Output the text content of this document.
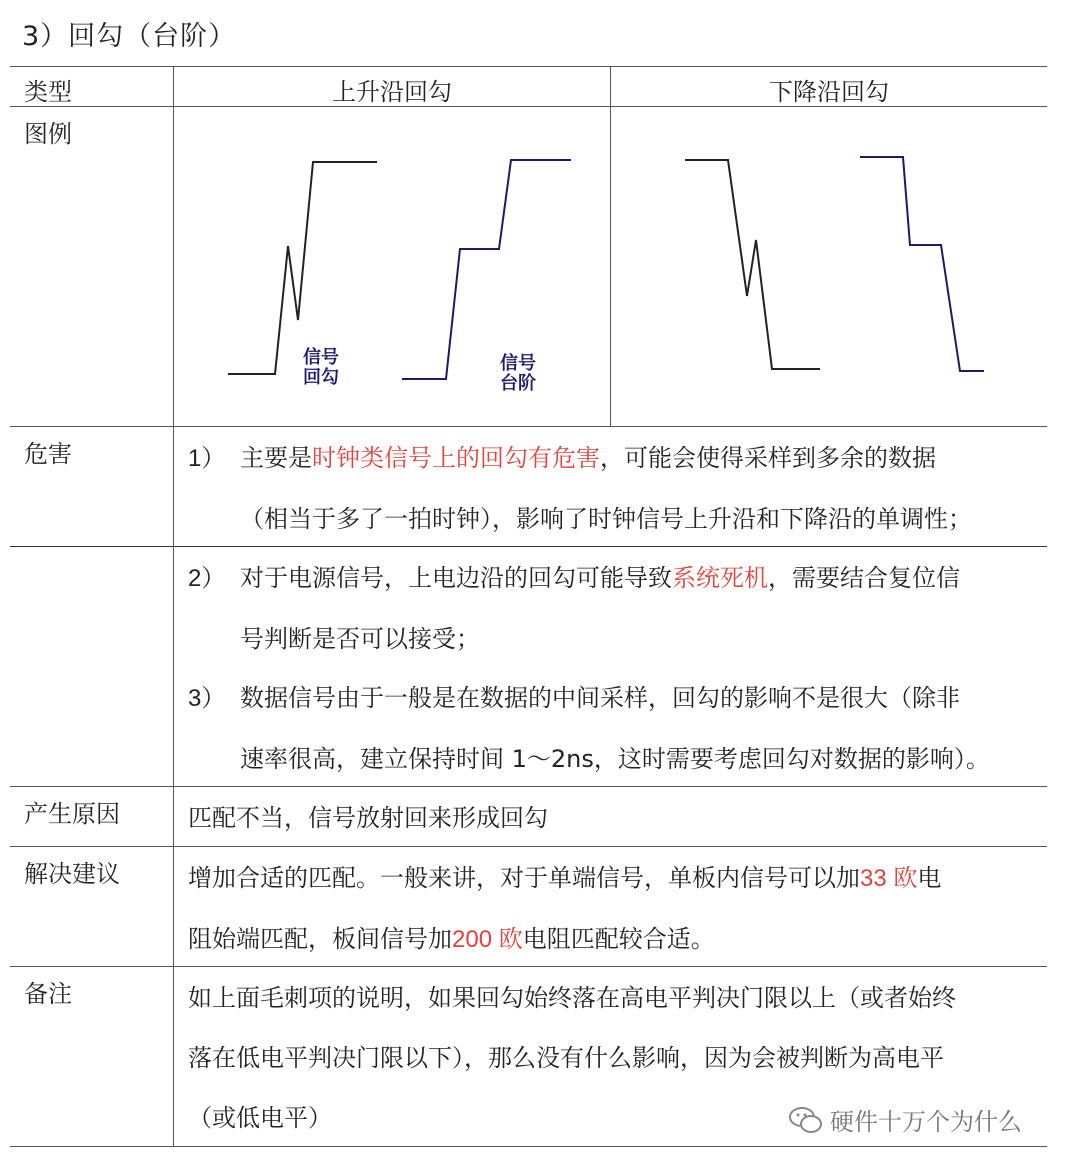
3）回勾（台阶）
类型	上升沿回勾	下降沿回勾
图例
信号
回勾
信号
台阶
危害	1） 主要是时钟类信号上的回勾有危害，可能会使得采样到多余的数据
（相当于多了一拍时钟），影响了时钟信号上升沿和下降沿的单调性；
2） 对于电源信号，上电边沿的回勾可能导致系统死机，需要结合复位信
号判断是否可以接受；
3） 数据信号由于一般是在数据的中间采样，回勾的影响不是很大（除非
速率很高，建立保持时间 1～2ns，这时需要考虑回勾对数据的影响）。
产生原因	匹配不当，信号放射回来形成回勾
解决建议	增加合适的匹配。一般来讲，对于单端信号，单板内信号可以加33 欧电
阻始端匹配，板间信号加200 欧电阻匹配较合适。
备注	如上面毛刺项的说明，如果回勾始终落在高电平判决门限以上（或者始终
落在低电平判决门限以下），那么没有什么影响，因为会被判断为高电平
（或低电平）	硬件十万个为什么
